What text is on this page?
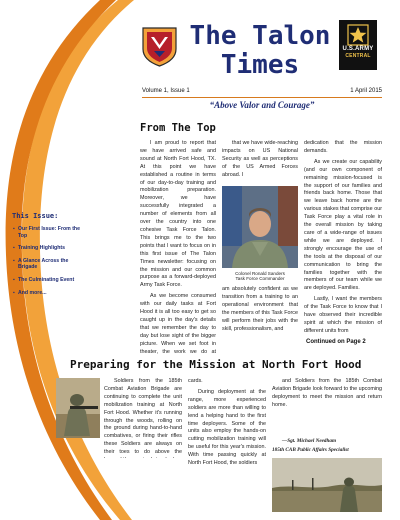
The Talon
Times
U.S.ARMY
CENTRAL
Volume 1, Issue 1	1 April 2015
“Above Valor and Courage”
From The Top

I am proud to report that we have arrived safe and sound at North Fort Hood, TX. At this point we have established a routine in terms of our day-to-day training and mobilization preparation. Moreover, we have successfully integrated a number of elements from all over the country into one cohesive Task Force Talon. This brings me to the two points that I want to focus on in this first issue of The Talon Times newsletter: focusing on the mission and our common purpose as a forward-deployed Army Task Force.

As we become consumed with our daily tasks at Fort Hood it is all too easy to get so caught up in the day's details that we remember the day to day but lose sight of the bigger picture. When we set foot in theater, the work we do at

that we have wide-reaching impacts on US National Security as well as perceptions of the US Armed Forces abroad. I

Colonel Ronald Sanders
Task Force Commander

am absolutely confident as we transition from a training to an operational environment that the members of this Task Force will perform their jobs with the skill, professionalism, and

dedication that the mission demands.

As we create our capability (and our own component of remaining mission-focused is the support of our families and friends back home. Those that we leave back home are the various stakes that comprise our Task Force play a vital role in the overall mission by taking care of a wide-range of issues while we are deployed. I strongly encourage the use of the tools at the disposal of our communication to bring the families together with the members of our team while we are deployed. Families.

Lastly, I want the members of the Task Force to know that I have observed their incredible spirit at which the mission of different units from

Continued on Page 2
This Issue:
▪ Our First Issue: From the Top
▪ Training Highlights
▪ A Glance Across the Brigade
▪ The Culminating Event
▪ And more...
Preparing for the Mission at North Fort Hood

Soldiers from the 185th Combat Aviation Brigade are continuing to complete the unit mobilization training at North Fort Hood. Whether it's running through the woods, rolling on the ground during hand-to-hand combatives, or firing their rifles these Soldiers are always on their toes to do above the

cards.

During deployment at the range, more experienced soldiers are more than willing to lend a helping hand to the first time deployers. Some of the units also employ the hands-on cutting mobilization training will be useful for this year's mission. With time passing quickly at North Fort Hood, the soldiers

and Soldiers from the 185th Combat Aviation Brigade look forward to the upcoming deployment to meet the mission and return home.

—Sgt. Michael Needham
185th CAB Public Affairs Specialist
